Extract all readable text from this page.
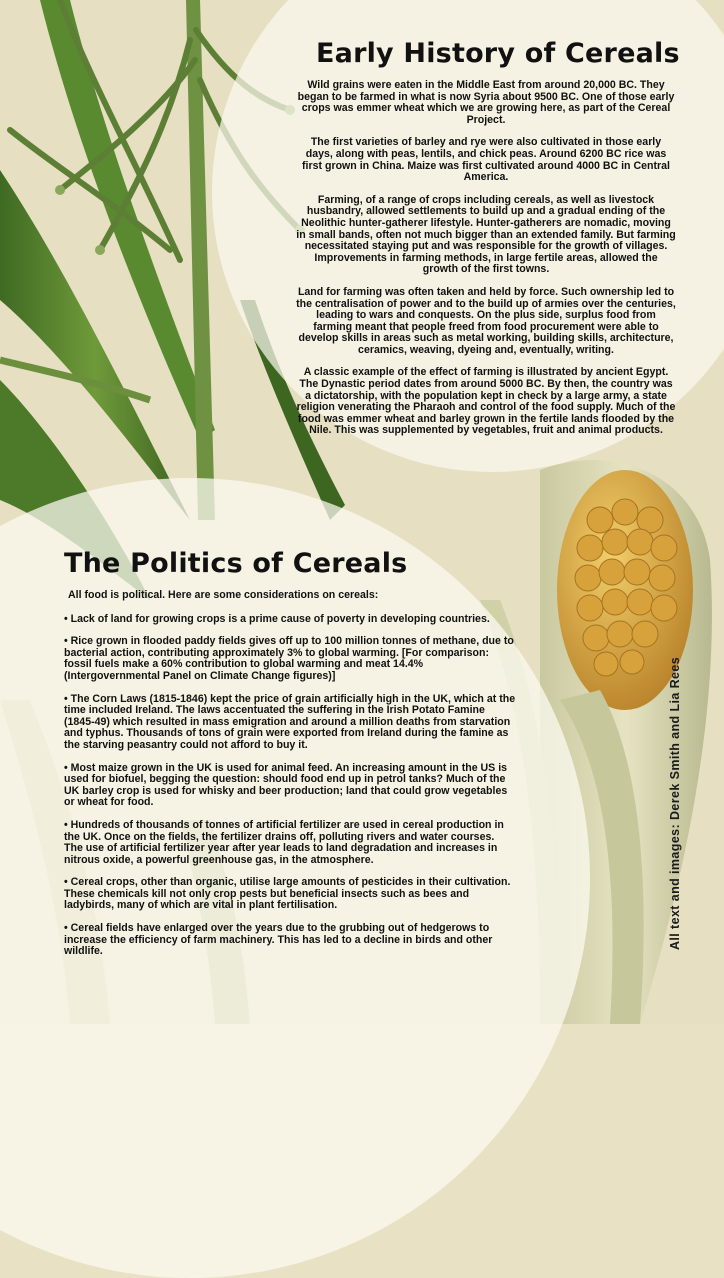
Early History of Cereals

Wild grains were eaten in the Middle East from around 20,000 BC. They began to be farmed in what is now Syria about 9500 BC. One of those early crops was emmer wheat which we are growing here, as part of the Cereal Project.

The first varieties of barley and rye were also cultivated in those early days, along with peas, lentils, and chick peas. Around 6200 BC rice was first grown in China. Maize was first cultivated around 4000 BC in Central America.

Farming, of a range of crops including cereals, as well as livestock husbandry, allowed settlements to build up and a gradual ending of the Neolithic hunter-gatherer lifestyle. Hunter-gatherers are nomadic, moving in small bands, often not much bigger than an extended family. But farming necessitated staying put and was responsible for the growth of villages. Improvements in farming methods, in large fertile areas, allowed the growth of the first towns.

Land for farming was often taken and held by force. Such ownership led to the centralisation of power and to the build up of armies over the centuries, leading to wars and conquests. On the plus side, surplus food from farming meant that people freed from food procurement were able to develop skills in areas such as metal working, building skills, architecture, ceramics, weaving, dyeing and, eventually, writing.

A classic example of the effect of farming is illustrated by ancient Egypt. The Dynastic period dates from around 5000 BC. By then, the country was a dictatorship, with the population kept in check by a large army, a state religion venerating the Pharaoh and control of the food supply. Much of the food was emmer wheat and barley grown in the fertile lands flooded by the Nile. This was supplemented by vegetables, fruit and animal products.

The Politics of Cereals

All food is political. Here are some considerations on cereals:

• Lack of land for growing crops is a prime cause of poverty in developing countries.

• Rice grown in flooded paddy fields gives off up to 100 million tonnes of methane, due to bacterial action, contributing approximately 3% to global warming. [For comparison: fossil fuels make a 60% contribution to global warming and meat 14.4% (Intergovernmental Panel on Climate Change figures)]

• The Corn Laws (1815-1846) kept the price of grain artificially high in the UK, which at the time included Ireland. The laws accentuated the suffering in the Irish Potato Famine (1845-49) which resulted in mass emigration and around a million deaths from starvation and typhus. Thousands of tons of grain were exported from Ireland during the famine as the starving peasantry could not afford to buy it.

• Most maize grown in the UK is used for animal feed. An increasing amount in the US is used for biofuel, begging the question: should food end up in petrol tanks? Much of the UK barley crop is used for whisky and beer production; land that could grow vegetables or wheat for food.

• Hundreds of thousands of tonnes of artificial fertilizer are used in cereal production in the UK. Once on the fields, the fertilizer drains off, polluting rivers and water courses. The use of artificial fertilizer year after year leads to land degradation and increases in nitrous oxide, a powerful greenhouse gas, in the atmosphere.

• Cereal crops, other than organic, utilise large amounts of pesticides in their cultivation. These chemicals kill not only crop pests but beneficial insects such as bees and ladybirds, many of which are vital in plant fertilisation.

• Cereal fields have enlarged over the years due to the grubbing out of hedgerows to increase the efficiency of farm machinery. This has led to a decline in birds and other wildlife.

All text and images: Derek Smith and Lia Rees
